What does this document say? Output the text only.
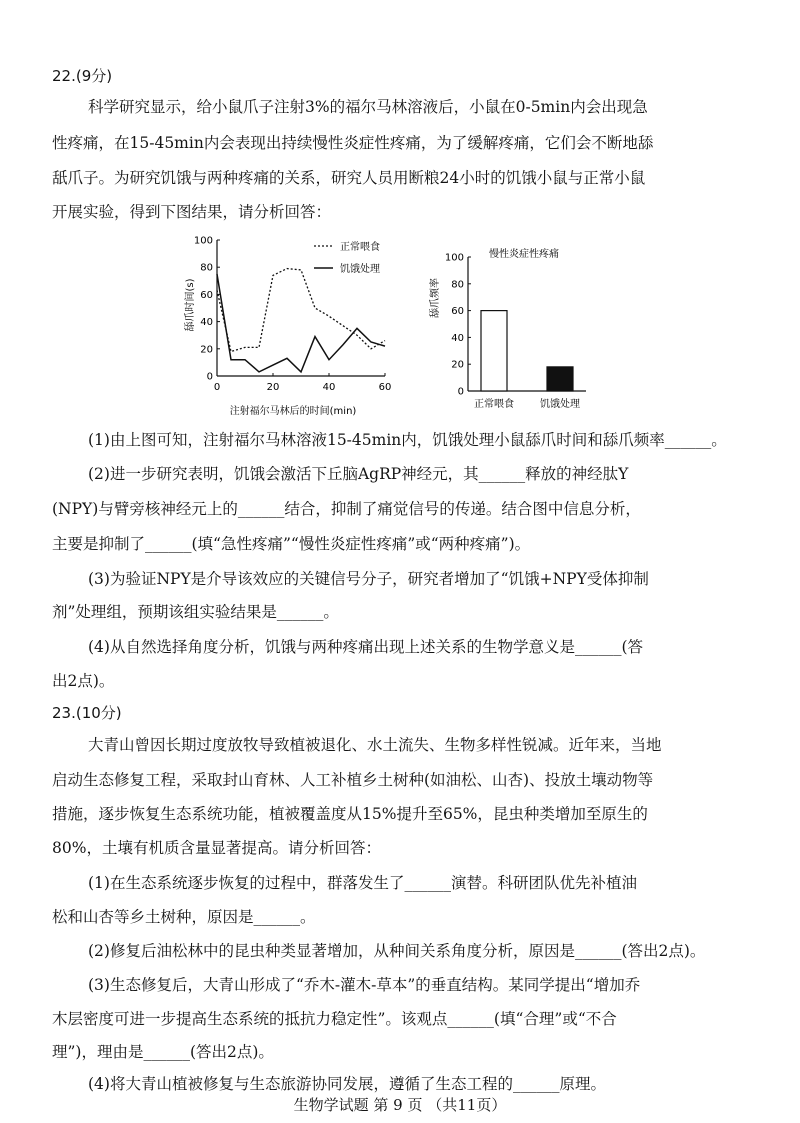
22.(9分)
科学研究显示，给小鼠爪子注射3%的福尔马林溶液后，小鼠在0-5min内会出现急
性疼痛，在15-45min内会表现出持续慢性炎症性疼痛，为了缓解疼痛，它们会不断地舔
舐爪子。为研究饥饿与两种疼痛的关系，研究人员用断粮24小时的饥饿小鼠与正常小鼠
开展实验，得到下图结果，请分析回答：
舔爪时间(s)
注射福尔马林后的时间(min)
0
20
40
60
80
100
0	20	40	60
正常喂食
饥饿处理
慢性炎症性疼痛
舔爪频率
0
20
40
60
80
100
正常喂食	饥饿处理
(1)由上图可知，注射福尔马林溶液15-45min内，饥饿处理小鼠舔爪时间和舔爪频率______。
(2)进一步研究表明，饥饿会激活下丘脑AgRP神经元，其______释放的神经肽Y
(NPY)与臂旁核神经元上的______结合，抑制了痛觉信号的传递。结合图中信息分析，
主要是抑制了______(填“急性疼痛”“慢性炎症性疼痛”或“两种疼痛”)。
(3)为验证NPY是介导该效应的关键信号分子，研究者增加了“饥饿+NPY受体抑制
剂”处理组，预期该组实验结果是______。
(4)从自然选择角度分析，饥饿与两种疼痛出现上述关系的生物学意义是______(答
出2点)。
23.(10分)
大青山曾因长期过度放牧导致植被退化、水土流失、生物多样性锐减。近年来，当地
启动生态修复工程，采取封山育林、人工补植乡土树种(如油松、山杏)、投放土壤动物等
措施，逐步恢复生态系统功能，植被覆盖度从15%提升至65%，昆虫种类增加至原生的
80%，土壤有机质含量显著提高。请分析回答：
(1)在生态系统逐步恢复的过程中，群落发生了______演替。科研团队优先补植油
松和山杏等乡土树种，原因是______。
(2)修复后油松林中的昆虫种类显著增加，从种间关系角度分析，原因是______(答出2点)。
(3)生态修复后，大青山形成了“乔木-灌木-草本”的垂直结构。某同学提出“增加乔
木层密度可进一步提高生态系统的抵抗力稳定性”。该观点______(填“合理”或“不合
理”)，理由是______(答出2点)。
(4)将大青山植被修复与生态旅游协同发展，遵循了生态工程的______原理。
生物学试题 第 9 页 （共11页）
